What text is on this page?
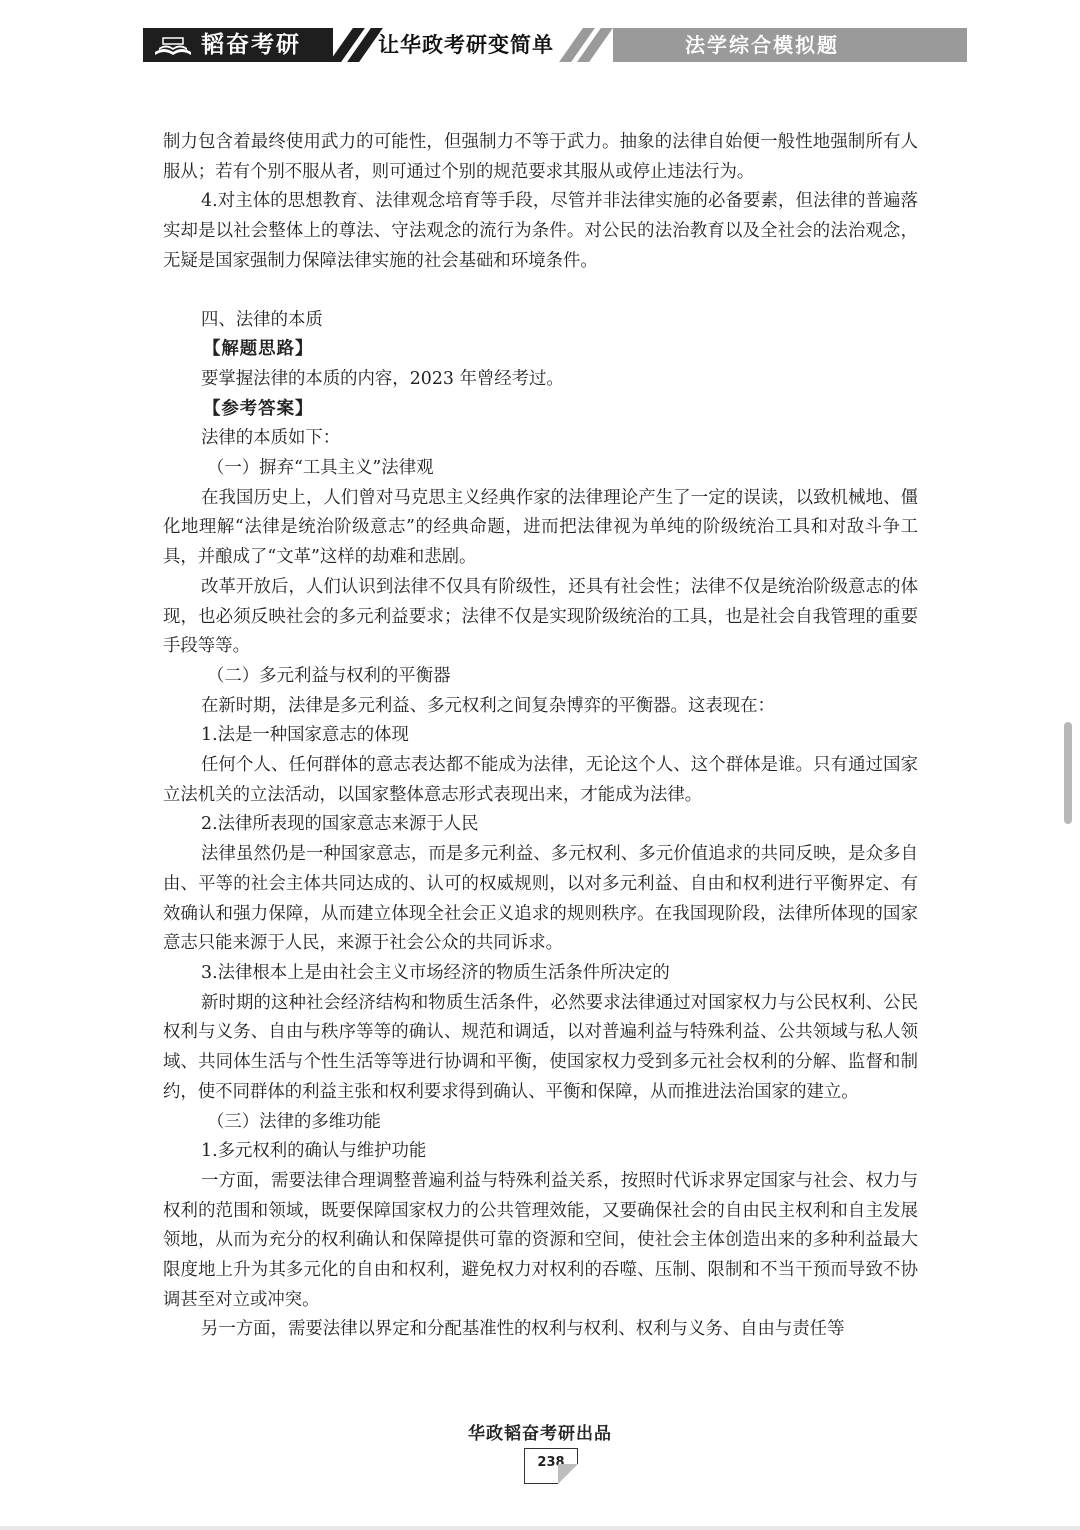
韬奋考研	让华政考研变简单	法学综合模拟题

制力包含着最终使用武力的可能性，但强制力不等于武力。抽象的法律自始便一般性地强制所有人服从；若有个别不服从者，则可通过个别的规范要求其服从或停止违法行为。

4.对主体的思想教育、法律观念培育等手段，尽管并非法律实施的必备要素，但法律的普遍落实却是以社会整体上的尊法、守法观念的流行为条件。对公民的法治教育以及全社会的法治观念，无疑是国家强制力保障法律实施的社会基础和环境条件。

四、法律的本质

【解题思路】

要掌握法律的本质的内容，2023 年曾经考过。

【参考答案】

法律的本质如下：

（一）摒弃“工具主义”法律观

在我国历史上，人们曾对马克思主义经典作家的法律理论产生了一定的误读，以致机械地、僵化地理解“法律是统治阶级意志”的经典命题，进而把法律视为单纯的阶级统治工具和对敌斗争工具，并酿成了“文革”这样的劫难和悲剧。

改革开放后，人们认识到法律不仅具有阶级性，还具有社会性；法律不仅是统治阶级意志的体现，也必须反映社会的多元利益要求；法律不仅是实现阶级统治的工具，也是社会自我管理的重要手段等等。

（二）多元利益与权利的平衡器

在新时期，法律是多元利益、多元权利之间复杂博弈的平衡器。这表现在：

1.法是一种国家意志的体现

任何个人、任何群体的意志表达都不能成为法律，无论这个人、这个群体是谁。只有通过国家立法机关的立法活动，以国家整体意志形式表现出来，才能成为法律。

2.法律所表现的国家意志来源于人民

法律虽然仍是一种国家意志，而是多元利益、多元权利、多元价值追求的共同反映，是众多自由、平等的社会主体共同达成的、认可的权威规则，以对多元利益、自由和权利进行平衡界定、有效确认和强力保障，从而建立体现全社会正义追求的规则秩序。在我国现阶段，法律所体现的国家意志只能来源于人民，来源于社会公众的共同诉求。

3.法律根本上是由社会主义市场经济的物质生活条件所决定的

新时期的这种社会经济结构和物质生活条件，必然要求法律通过对国家权力与公民权利、公民权利与义务、自由与秩序等等的确认、规范和调适，以对普遍利益与特殊利益、公共领域与私人领域、共同体生活与个性生活等等进行协调和平衡，使国家权力受到多元社会权利的分解、监督和制约，使不同群体的利益主张和权利要求得到确认、平衡和保障，从而推进法治国家的建立。

（三）法律的多维功能

1.多元权利的确认与维护功能

一方面，需要法律合理调整普遍利益与特殊利益关系，按照时代诉求界定国家与社会、权力与权利的范围和领域，既要保障国家权力的公共管理效能，又要确保社会的自由民主权利和自主发展领地，从而为充分的权利确认和保障提供可靠的资源和空间，使社会主体创造出来的多种利益最大限度地上升为其多元化的自由和权利，避免权力对权利的吞噬、压制、限制和不当干预而导致不协调甚至对立或冲突。

另一方面，需要法律以界定和分配基准性的权利与权利、权利与义务、自由与责任等

华政韬奋考研出品
238
